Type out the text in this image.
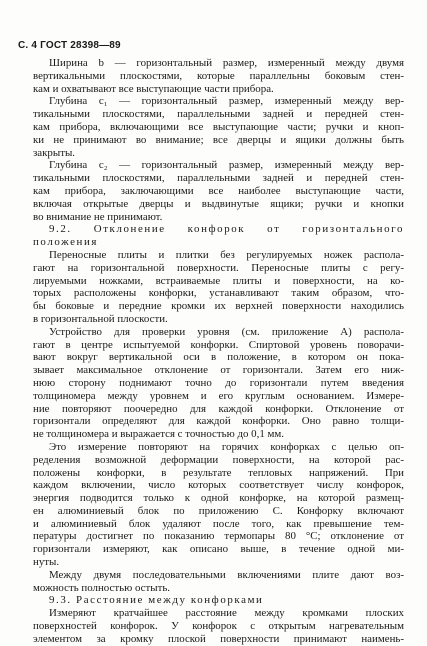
С. 4 ГОСТ 28398—89
Ширина b — горизонтальный размер, измеренный между двумя
вертикальными плоскостями, которые параллельны боковым стен-
кам и охватывают все выступающие части прибора.
Глубина c₁ — горизонтальный размер, измеренный между вер-
тикальными плоскостями, параллельными задней и передней стен-
кам прибора, включающими все выступающие части; ручки и кноп-
ки не принимают во внимание; все дверцы и ящики должны быть
закрыты.
Глубина c₂ — горизонтальный размер, измеренный между вер-
тикальными плоскостями, параллельными задней и передней стен-
кам прибора, заключающими все наиболее выступающие части,
включая открытые дверцы и выдвинутые ящики; ручки и кнопки
во внимание не принимают.
9.2. Отклонение конфорок от горизонтального
положения
Переносные плиты и плитки без регулируемых ножек распола-
гают на горизонтальной поверхности. Переносные плиты с регу-
лируемыми ножками, встраиваемые плиты и поверхности, на ко-
торых расположены конфорки, устанавливают таким образом, что-
бы боковые и передние кромки их верхней поверхности находились
в горизонтальной плоскости.
Устройство для проверки уровня (см. приложение А) распола-
гают в центре испытуемой конфорки. Спиртовой уровень поворачи-
вают вокруг вертикальной оси в положение, в котором он пока-
зывает максимальное отклонение от горизонтали. Затем его ниж-
нюю сторону поднимают точно до горизонтали путем введения
толщиномера между уровнем и его круглым основанием. Измере-
ние повторяют поочередно для каждой конфорки. Отклонение от
горизонтали определяют для каждой конфорки. Оно равно толщи-
не толщиномера и выражается с точностью до 0,1 мм.
Это измерение повторяют на горячих конфорках с целью оп-
ределения возможной деформации поверхности, на которой рас-
положены конфорки, в результате тепловых напряжений. При
каждом включении, число которых соответствует числу конфорок,
энергия подводится только к одной конфорке, на которой размещ-
ен алюминиевый блок по приложению С. Конфорку включают
и алюминиевый блок удаляют после того, как превышение тем-
пературы достигнет по показанию термопары 80 °С; отклонение от
горизонтали измеряют, как описано выше, в течение одной ми-
нуты.
Между двумя последовательными включениями плите дают воз-
можность полностью остыть.
9.3. Расстояние между конфорками
Измеряют кратчайшее расстояние между кромками плоских
поверхностей конфорок. У конфорок с открытым нагревательным
элементом за кромку плоской поверхности принимают наимень-
